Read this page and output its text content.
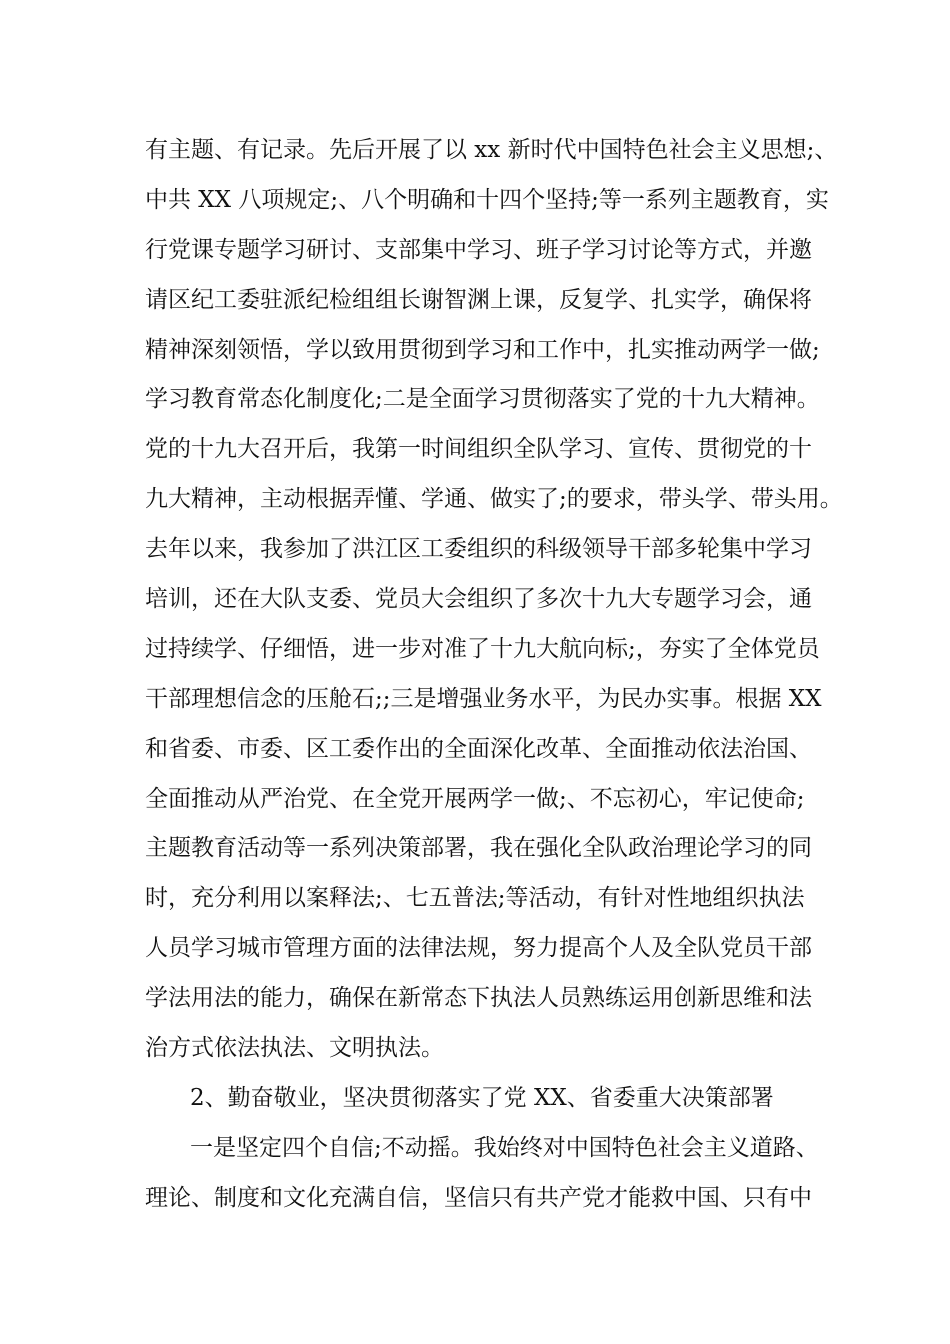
有主题、有记录。先后开展了以 xx 新时代中国特色社会主义思想;、
中共 XX 八项规定;、八个明确和十四个坚持;等一系列主题教育，实
行党课专题学习研讨、支部集中学习、班子学习讨论等方式，并邀
请区纪工委驻派纪检组组长谢智渊上课，反复学、扎实学，确保将
精神深刻领悟，学以致用贯彻到学习和工作中，扎实推动两学一做;
学习教育常态化制度化;二是全面学习贯彻落实了党的十九大精神。
党的十九大召开后，我第一时间组织全队学习、宣传、贯彻党的十
九大精神，主动根据弄懂、学通、做实了;的要求，带头学、带头用。
去年以来，我参加了洪江区工委组织的科级领导干部多轮集中学习
培训，还在大队支委、党员大会组织了多次十九大专题学习会，通
过持续学、仔细悟，进一步对准了十九大航向标;，夯实了全体党员
干部理想信念的压舱石;;三是增强业务水平，为民办实事。根据 XX
和省委、市委、区工委作出的全面深化改革、全面推动依法治国、
全面推动从严治党、在全党开展两学一做;、不忘初心，牢记使命;
主题教育活动等一系列决策部署，我在强化全队政治理论学习的同
时，充分利用以案释法;、七五普法;等活动，有针对性地组织执法
人员学习城市管理方面的法律法规，努力提高个人及全队党员干部
学法用法的能力，确保在新常态下执法人员熟练运用创新思维和法
治方式依法执法、文明执法。
2、勤奋敬业，坚决贯彻落实了党 XX、省委重大决策部署
一是坚定四个自信;不动摇。我始终对中国特色社会主义道路、
理论、制度和文化充满自信，坚信只有共产党才能救中国、只有中
